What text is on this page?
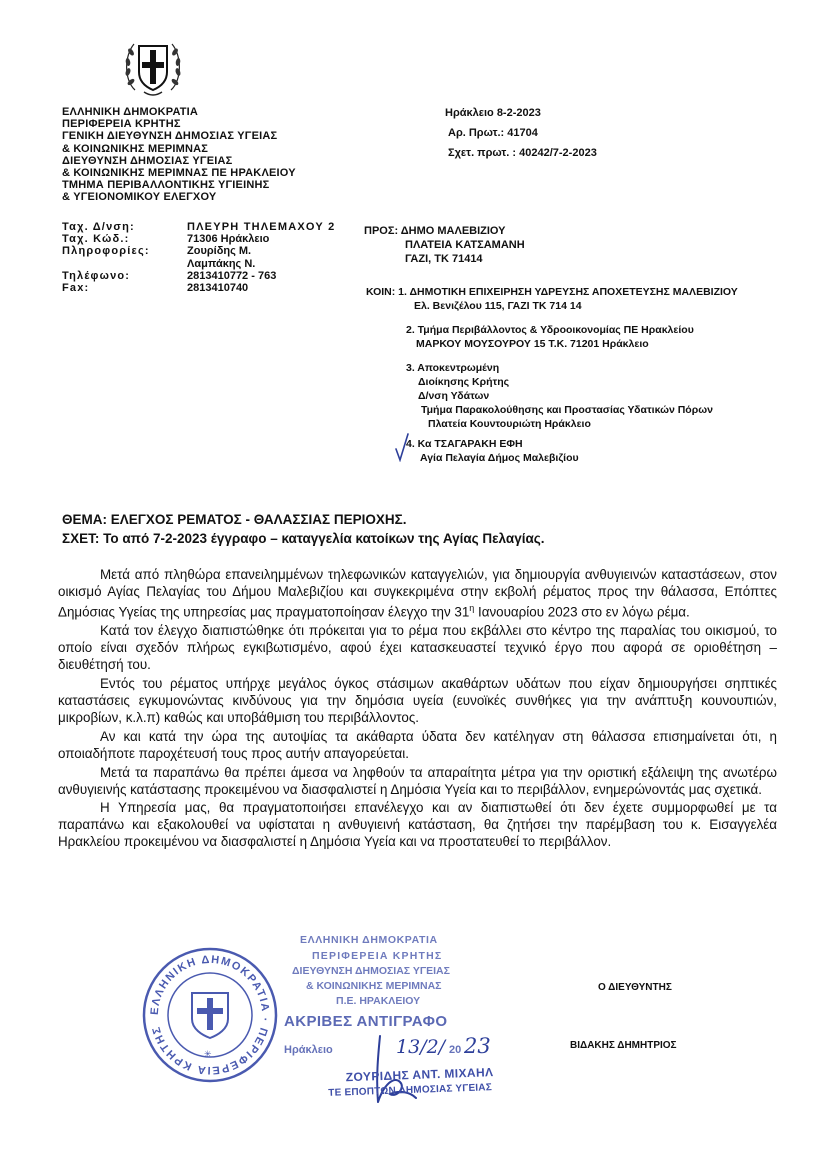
ΕΛΛΗΝΙΚΗ ΔΗΜΟΚΡΑΤΙΑ
ΠΕΡΙΦΕΡΕΙΑ ΚΡΗΤΗΣ
ΓΕΝΙΚΗ ΔΙΕΥΘΥΝΣΗ ΔΗΜΟΣΙΑΣ ΥΓΕΙΑΣ
& ΚΟΙΝΩΝΙΚΗΣ ΜΕΡΙΜΝΑΣ
ΔΙΕΥΘΥΝΣΗ ΔΗΜΟΣΙΑΣ ΥΓΕΙΑΣ
& ΚΟΙΝΩΝΙΚΗΣ ΜΕΡΙΜΝΑΣ ΠΕ ΗΡΑΚΛΕΙΟΥ
ΤΜΗΜΑ ΠΕΡΙΒΑΛΛΟΝΤΙΚΗΣ ΥΓΙΕΙΝΗΣ
& ΥΓΕΙΟΝΟΜΙΚΟΥ ΕΛΕΓΧΟΥ
Ταχ. Δ/νση:	ΠΛΕΥΡΗ ΤΗΛΕΜΑΧΟΥ 2
Ταχ. Κώδ.:	71306 Ηράκλειο
Πληροφορίες:	Ζουρίδης Μ.
Λαμπάκης Ν.
Τηλέφωνο:	2813410772 - 763
Fax:	2813410740
Ηράκλειο 8-2-2023
Αρ. Πρωτ.: 41704
Σχετ. πρωτ. : 40242/7-2-2023
ΠΡΟΣ: ΔΗΜΟ ΜΑΛΕΒΙΖΙΟΥ
ΠΛΑΤΕΙΑ ΚΑΤΣΑΜΑΝΗ
ΓΑΖΙ, ΤΚ 71414
ΚΟΙΝ: 1. ΔΗΜΟΤΙΚΗ ΕΠΙΧΕΙΡΗΣΗ ΥΔΡΕΥΣΗΣ ΑΠΟΧΕΤΕΥΣΗΣ ΜΑΛΕΒΙΖΙΟΥ
Ελ. Βενιζέλου 115, ΓΑΖΙ ΤΚ 714 14
2. Τμήμα Περιβάλλοντος & Υδροοικονομίας ΠΕ Ηρακλείου
ΜΑΡΚΟΥ ΜΟΥΣΟΥΡΟΥ 15 Τ.Κ. 71201 Ηράκλειο
3. Αποκεντρωμένη
Διοίκησης Κρήτης
Δ/νση Υδάτων
Τμήμα Παρακολούθησης και Προστασίας Υδατικών Πόρων
Πλατεία Κουντουριώτη Ηράκλειο
4. Κα ΤΣΑΓΑΡΑΚΗ ΕΦΗ
Αγία Πελαγία Δήμος Μαλεβιζίου
ΘΕΜΑ: ΕΛΕΓΧΟΣ ΡΕΜΑΤΟΣ - ΘΑΛΑΣΣΙΑΣ ΠΕΡΙΟΧΗΣ.
ΣΧΕΤ: Το από 7-2-2023 έγγραφο – καταγγελία κατοίκων της Αγίας Πελαγίας.

Μετά από πληθώρα επανειλημμένων τηλεφωνικών καταγγελιών, για δημιουργία ανθυγιεινών καταστάσεων, στον οικισμό Αγίας Πελαγίας του Δήμου Μαλεβιζίου και συγκεκριμένα στην εκβολή ρέματος προς την θάλασσα, Επόπτες Δημόσιας Υγείας της υπηρεσίας μας πραγματοποίησαν έλεγχο την $31^\eta$ Ιανουαρίου 2023 στο εν λόγω ρέμα.

Κατά τον έλεγχο διαπιστώθηκε ότι πρόκειται για το ρέμα που εκβάλλει στο κέντρο της παραλίας του οικισμού, το οποίο είναι σχεδόν πλήρως εγκιβωτισμένο, αφού έχει κατασκευαστεί τεχνικό έργο που αφορά σε οριοθέτηση – διευθέτησή του.

Εντός του ρέματος υπήρχε μεγάλος όγκος στάσιμων ακαθάρτων υδάτων που είχαν δημιουργήσει σηπτικές καταστάσεις εγκυμονώντας κινδύνους για την δημόσια υγεία (ευνοϊκές συνθήκες για την ανάπτυξη κουνουπιών, μικροβίων, κ.λ.π) καθώς και υποβάθμιση του περιβάλλοντος.

Αν και κατά την ώρα της αυτοψίας τα ακάθαρτα ύδατα δεν κατέληγαν στη θάλασσα επισημαίνεται ότι, η οποιαδήποτε παροχέτευσή τους προς αυτήν απαγορεύεται.

Μετά τα παραπάνω θα πρέπει άμεσα να ληφθούν τα απαραίτητα μέτρα για την οριστική εξάλειψη της ανωτέρω ανθυγιεινής κατάστασης προκειμένου να διασφαλιστεί η Δημόσια Υγεία και το περιβάλλον, ενημερώνοντάς μας σχετικά.

Η Υπηρεσία μας, θα πραγματοποιήσει επανέλεγχο και αν διαπιστωθεί ότι δεν έχετε συμμορφωθεί με τα παραπάνω και εξακολουθεί να υφίσταται η ανθυγιεινή κατάσταση, θα ζητήσει την παρέμβαση του κ. Εισαγγελέα Ηρακλείου προκειμένου να διασφαλιστεί η Δημόσια Υγεία και να προστατευθεί το περιβάλλον.

ΕΛΛΗΝΙΚΗ ΔΗΜΟΚΡΑΤΙΑ · ΠΕΡΙΦΕΡΕΙΑ ΚΡΗΤΗΣ
✳
ΕΛΛΗΝΙΚΗ ΔΗΜΟΚΡΑΤΙΑ
ΠΕΡΙΦΕΡΕΙΑ ΚΡΗΤΗΣ
ΔΙΕΥΘΥΝΣΗ ΔΗΜΟΣΙΑΣ ΥΓΕΙΑΣ
& ΚΟΙΝΩΝΙΚΗΣ ΜΕΡΙΜΝΑΣ
Π.Ε. ΗΡΑΚΛΕΙΟΥ
ΑΚΡΙΒΕΣ ΑΝΤΙΓΡΑΦΟ
Ηράκλειο	13/2/ 20 23
ΖΟΥΡΙΔΗΣ ΑΝΤ. ΜΙΧΑΗΛ
ΤΕ ΕΠΟΠΤΩΝ ΔΗΜΟΣΙΑΣ ΥΓΕΙΑΣ
Ο ΔΙΕΥΘΥΝΤΗΣ
ΒΙΔΑΚΗΣ ΔΗΜΗΤΡΙΟΣ
